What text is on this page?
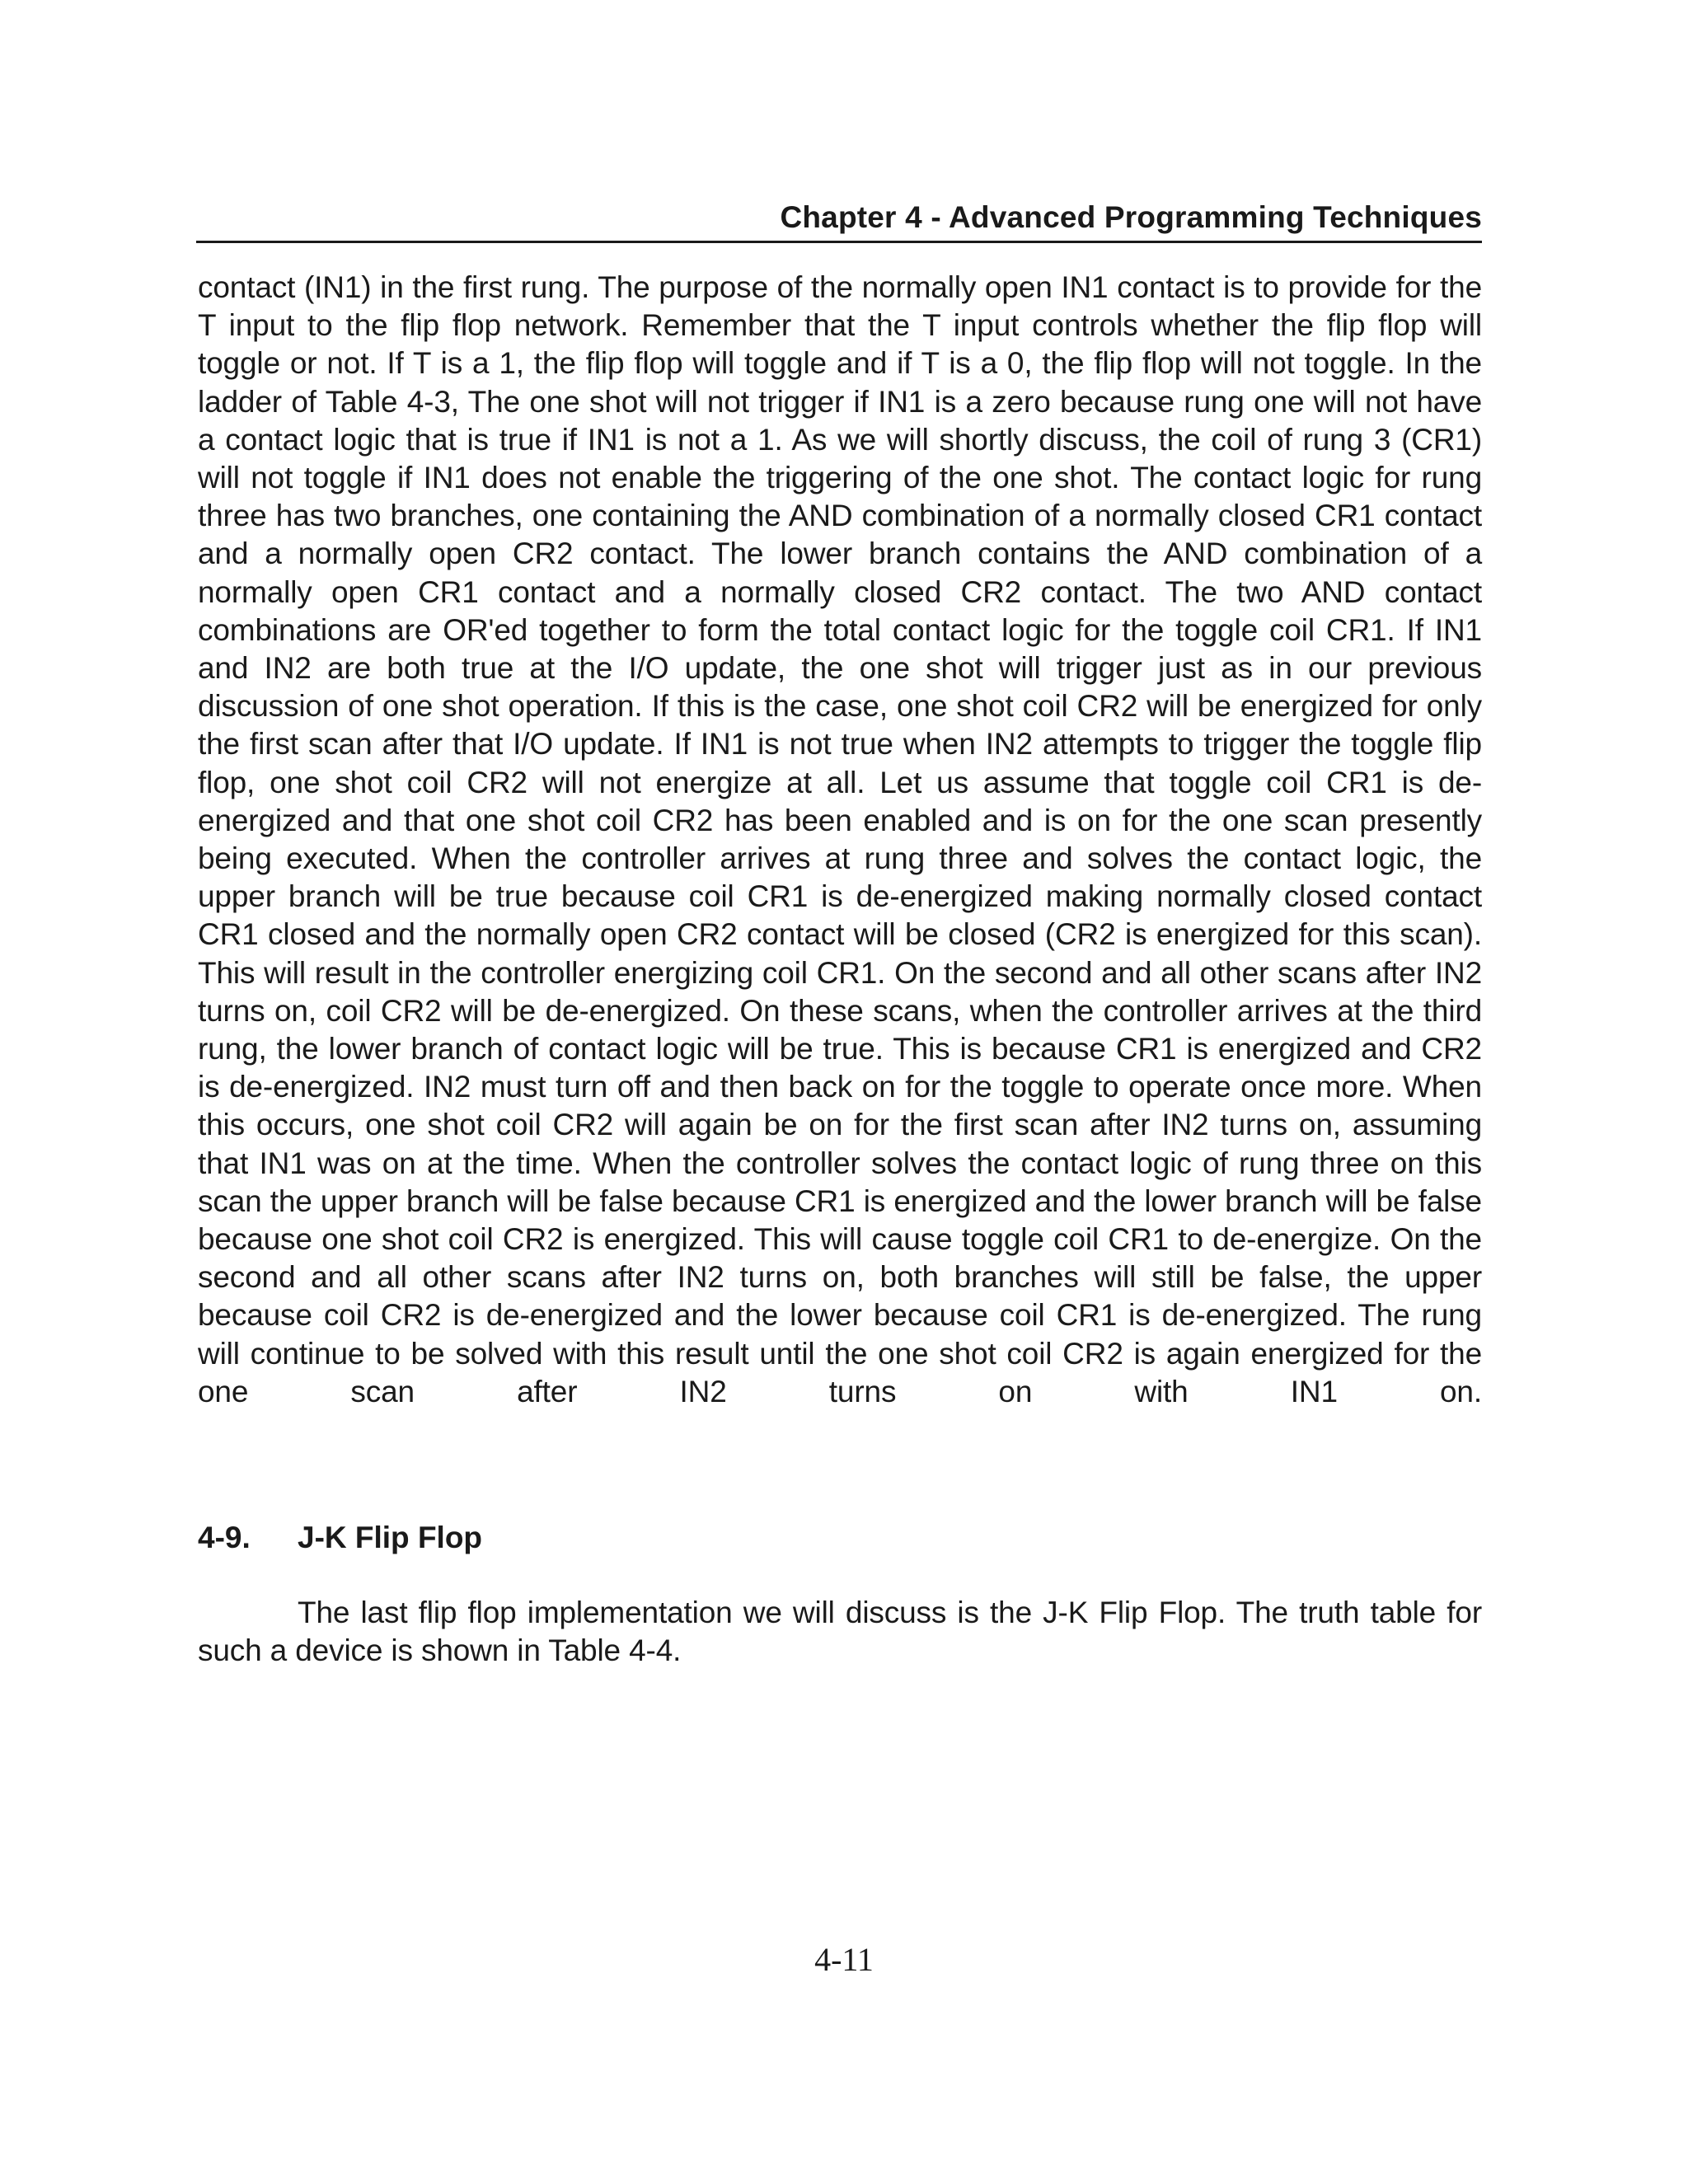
Chapter 4 - Advanced Programming Techniques

contact (IN1) in the first rung. The purpose of the normally open IN1 contact is to provide for the T input to the flip flop network. Remember that the T input controls whether the flip flop will toggle or not. If T is a 1, the flip flop will toggle and if T is a 0, the flip flop will not toggle. In the ladder of Table 4-3, The one shot will not trigger if IN1 is a zero because rung one will not have a contact logic that is true if IN1 is not a 1. As we will shortly discuss, the coil of rung 3 (CR1) will not toggle if IN1 does not enable the triggering of the one shot. The contact logic for rung three has two branches, one containing the AND combination of a normally closed CR1 contact and a normally open CR2 contact. The lower branch contains the AND combination of a normally open CR1 contact and a normally closed CR2 contact. The two AND contact combinations are OR'ed together to form the total contact logic for the toggle coil CR1. If IN1 and IN2 are both true at the I/O update, the one shot will trigger just as in our previous discussion of one shot operation. If this is the case, one shot coil CR2 will be energized for only the first scan after that I/O update. If IN1 is not true when IN2 attempts to trigger the toggle flip flop, one shot coil CR2 will not energize at all. Let us assume that toggle coil CR1 is de-energized and that one shot coil CR2 has been enabled and is on for the one scan presently being executed. When the controller arrives at rung three and solves the contact logic, the upper branch will be true because coil CR1 is de-energized making normally closed contact CR1 closed and the normally open CR2 contact will be closed (CR2 is energized for this scan). This will result in the controller energizing coil CR1. On the second and all other scans after IN2 turns on, coil CR2 will be de-energized. On these scans, when the controller arrives at the third rung, the lower branch of contact logic will be true. This is because CR1 is energized and CR2 is de-energized. IN2 must turn off and then back on for the toggle to operate once more. When this occurs, one shot coil CR2 will again be on for the first scan after IN2 turns on, assuming that IN1 was on at the time. When the controller solves the contact logic of rung three on this scan the upper branch will be false because CR1 is energized and the lower branch will be false because one shot coil CR2 is energized. This will cause toggle coil CR1 to de-energize. On the second and all other scans after IN2 turns on, both branches will still be false, the upper because coil CR2 is de-energized and the lower because coil CR1 is de-energized. The rung will continue to be solved with this result until the one shot coil CR2 is again energized for the one scan after IN2 turns on with IN1 on.

4-9.	J-K Flip Flop

The last flip flop implementation we will discuss is the J-K Flip Flop. The truth table for such a device is shown in Table 4-4.

4-11
